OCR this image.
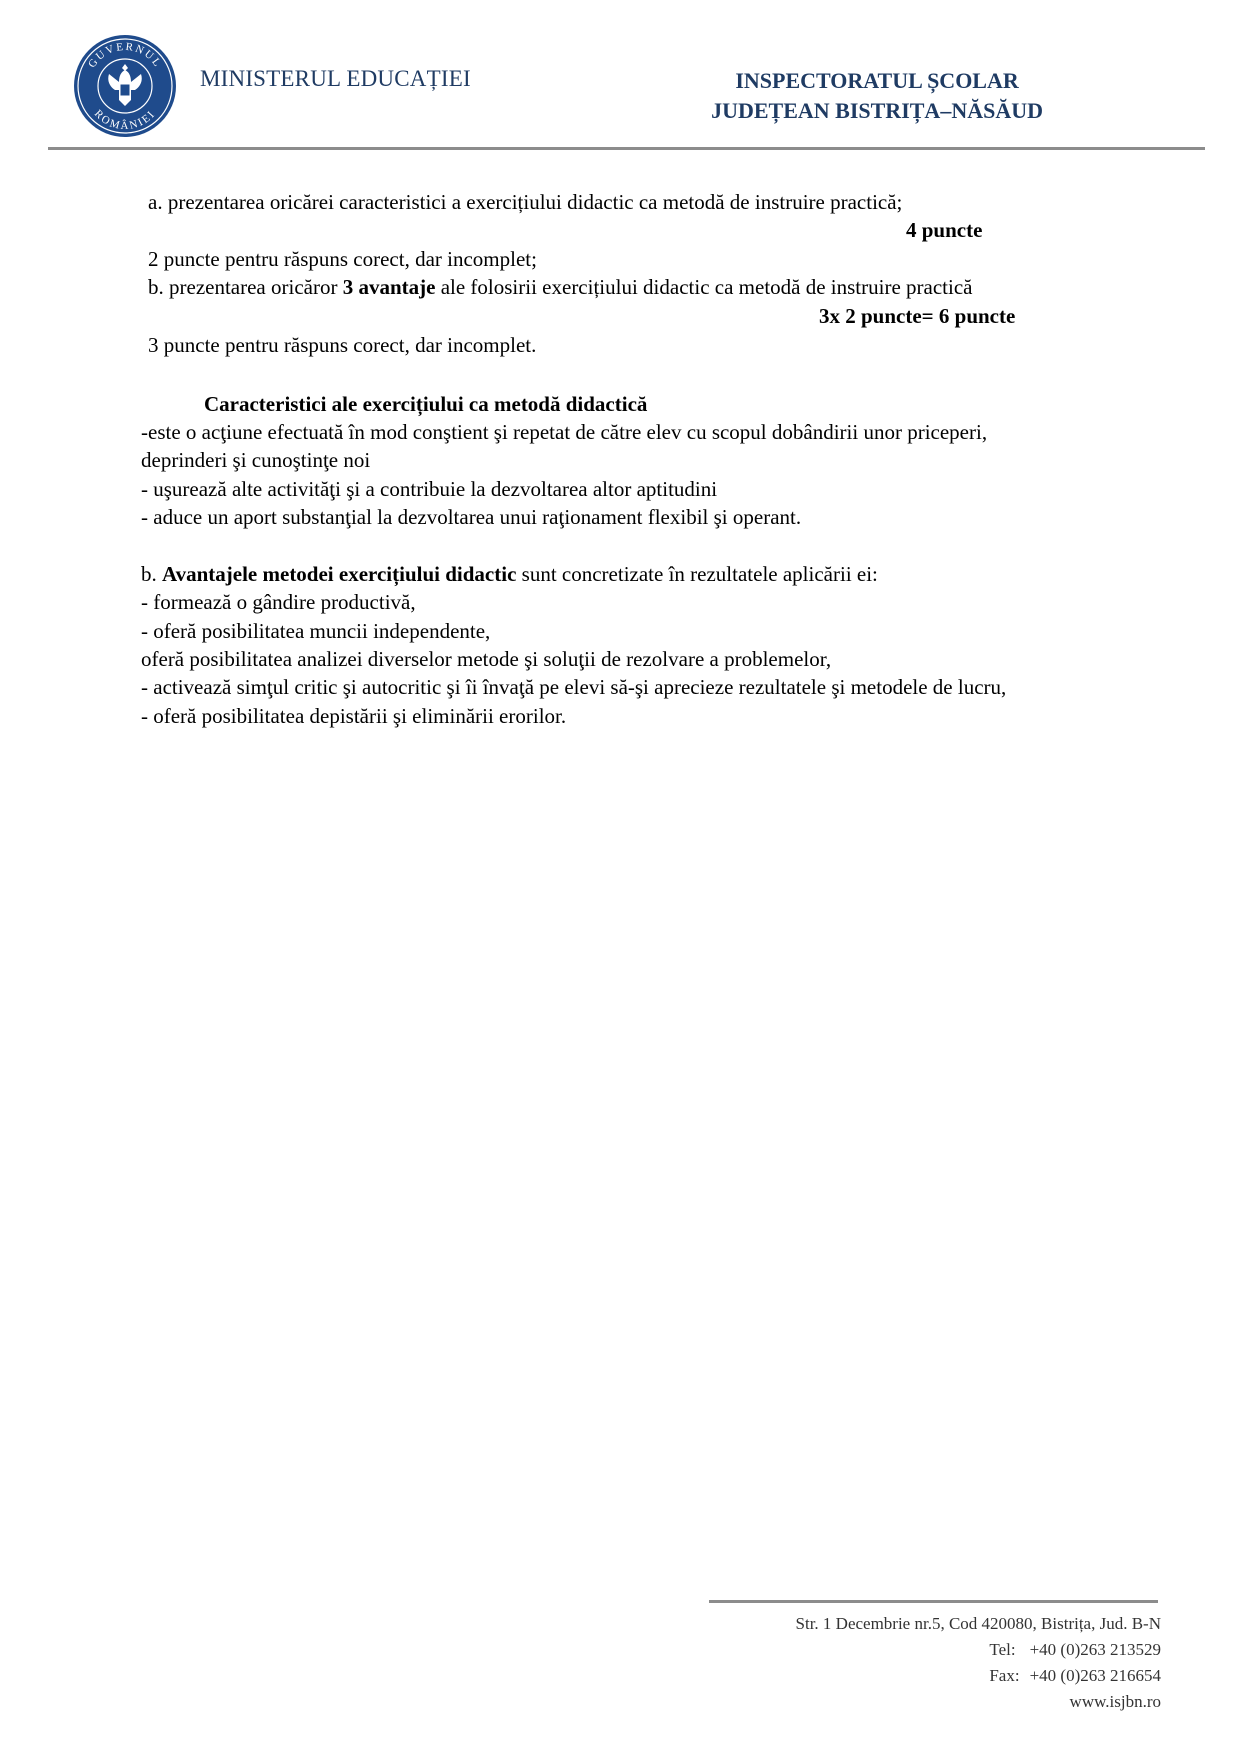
GUVERNUL
ROMÂNIEI
MINISTERUL EDUCAȚIEI	INSPECTORATUL ȘCOLAR
JUDEȚEAN BISTRIȚA–NĂSĂUD
a. prezentarea oricărei caracteristici a exercițiului didactic ca metodă de instruire practică;
4 puncte
2 puncte pentru răspuns corect, dar incomplet;
b. prezentarea oricăror 3 avantaje ale folosirii exercițiului didactic ca metodă de instruire practică
3x 2 puncte= 6 puncte
3 puncte pentru răspuns corect, dar incomplet.
Caracteristici ale exercițiului ca metodă didactică
-este o acţiune efectuată în mod conştient şi repetat de către elev cu scopul dobândirii unor priceperi,
deprinderi şi cunoştinţe noi
- uşurează alte activităţi şi a contribuie la dezvoltarea altor aptitudini
- aduce un aport substanţial la dezvoltarea unui raţionament flexibil şi operant.
b. Avantajele metodei exercițiului didactic sunt concretizate în rezultatele aplicării ei:
- formează o gândire productivă,
- oferă posibilitatea muncii independente,
oferă posibilitatea analizei diverselor metode şi soluţii de rezolvare a problemelor,
- activează simţul critic şi autocritic şi îi învaţă pe elevi să-şi aprecieze rezultatele şi metodele de lucru,
- oferă posibilitatea depistării şi eliminării erorilor.
Str. 1 Decembrie nr.5, Cod 420080, Bistrița, Jud. B-N
Tel: +40 (0)263 213529
Fax: +40 (0)263 216654
www.isjbn.ro
